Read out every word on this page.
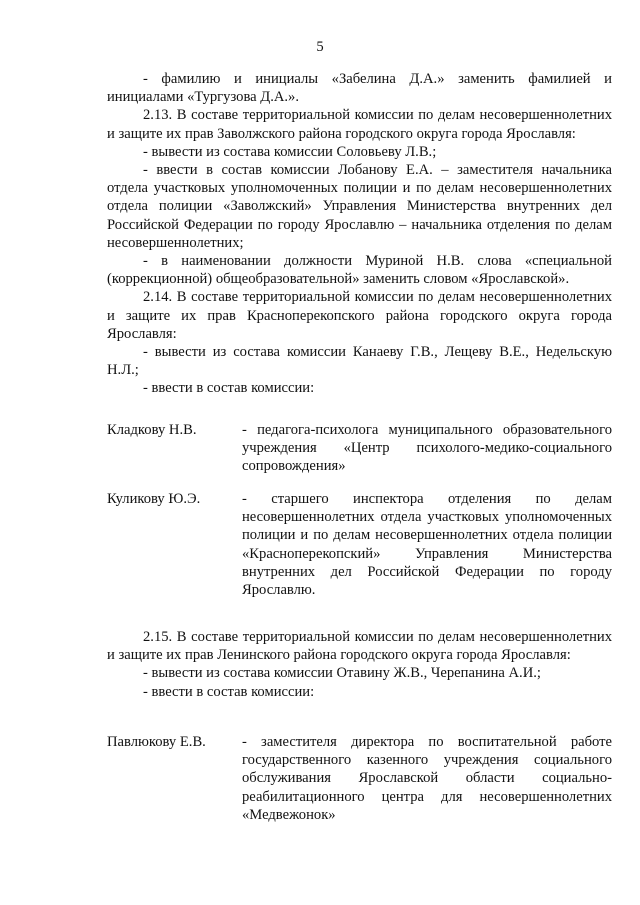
5

- фамилию и инициалы «Забелина Д.А.» заменить фамилией и инициалами «Тургузова Д.А.».

2.13. В составе территориальной комиссии по делам несовершеннолетних и защите их прав Заволжского района городского округа города Ярославля:

- вывести из состава комиссии Соловьеву Л.В.;

- ввести в состав комиссии Лобанову Е.А. – заместителя начальника отдела участковых уполномоченных полиции и по делам несовершеннолетних отдела полиции «Заволжский» Управления Министерства внутренних дел Российской Федерации по городу Ярославлю – начальника отделения по делам несовершеннолетних;

- в наименовании должности Муриной Н.В. слова «специальной (коррекционной) общеобразовательной» заменить словом «Ярославской».

2.14. В составе территориальной комиссии по делам несовершеннолетних и защите их прав Красноперекопского района городского округа города Ярославля:

- вывести из состава комиссии Канаеву Г.В., Лещеву В.Е., Недельскую Н.Л.;

- ввести в состав комиссии:

Кладкову Н.В.	- педагога-психолога муниципального образовательного учреждения «Центр психолого-медико-социального сопровождения»
Куликову Ю.Э.	- старшего инспектора отделения по делам несовершеннолетних отдела участковых уполномоченных полиции и по делам несовершеннолетних отдела полиции «Красноперекопский» Управления Министерства внутренних дел Российской Федерации по городу Ярославлю.

2.15. В составе территориальной комиссии по делам несовершеннолетних и защите их прав Ленинского района городского округа города Ярославля:

- вывести из состава комиссии Отавину Ж.В., Черепанина А.И.;

- ввести в состав комиссии:

Павлюкову Е.В. - заместителя директора по воспитательной работе государственного казенного учреждения социального обслуживания Ярославской области социально-реабилитационного центра для несовершеннолетних «Медвежонок»
